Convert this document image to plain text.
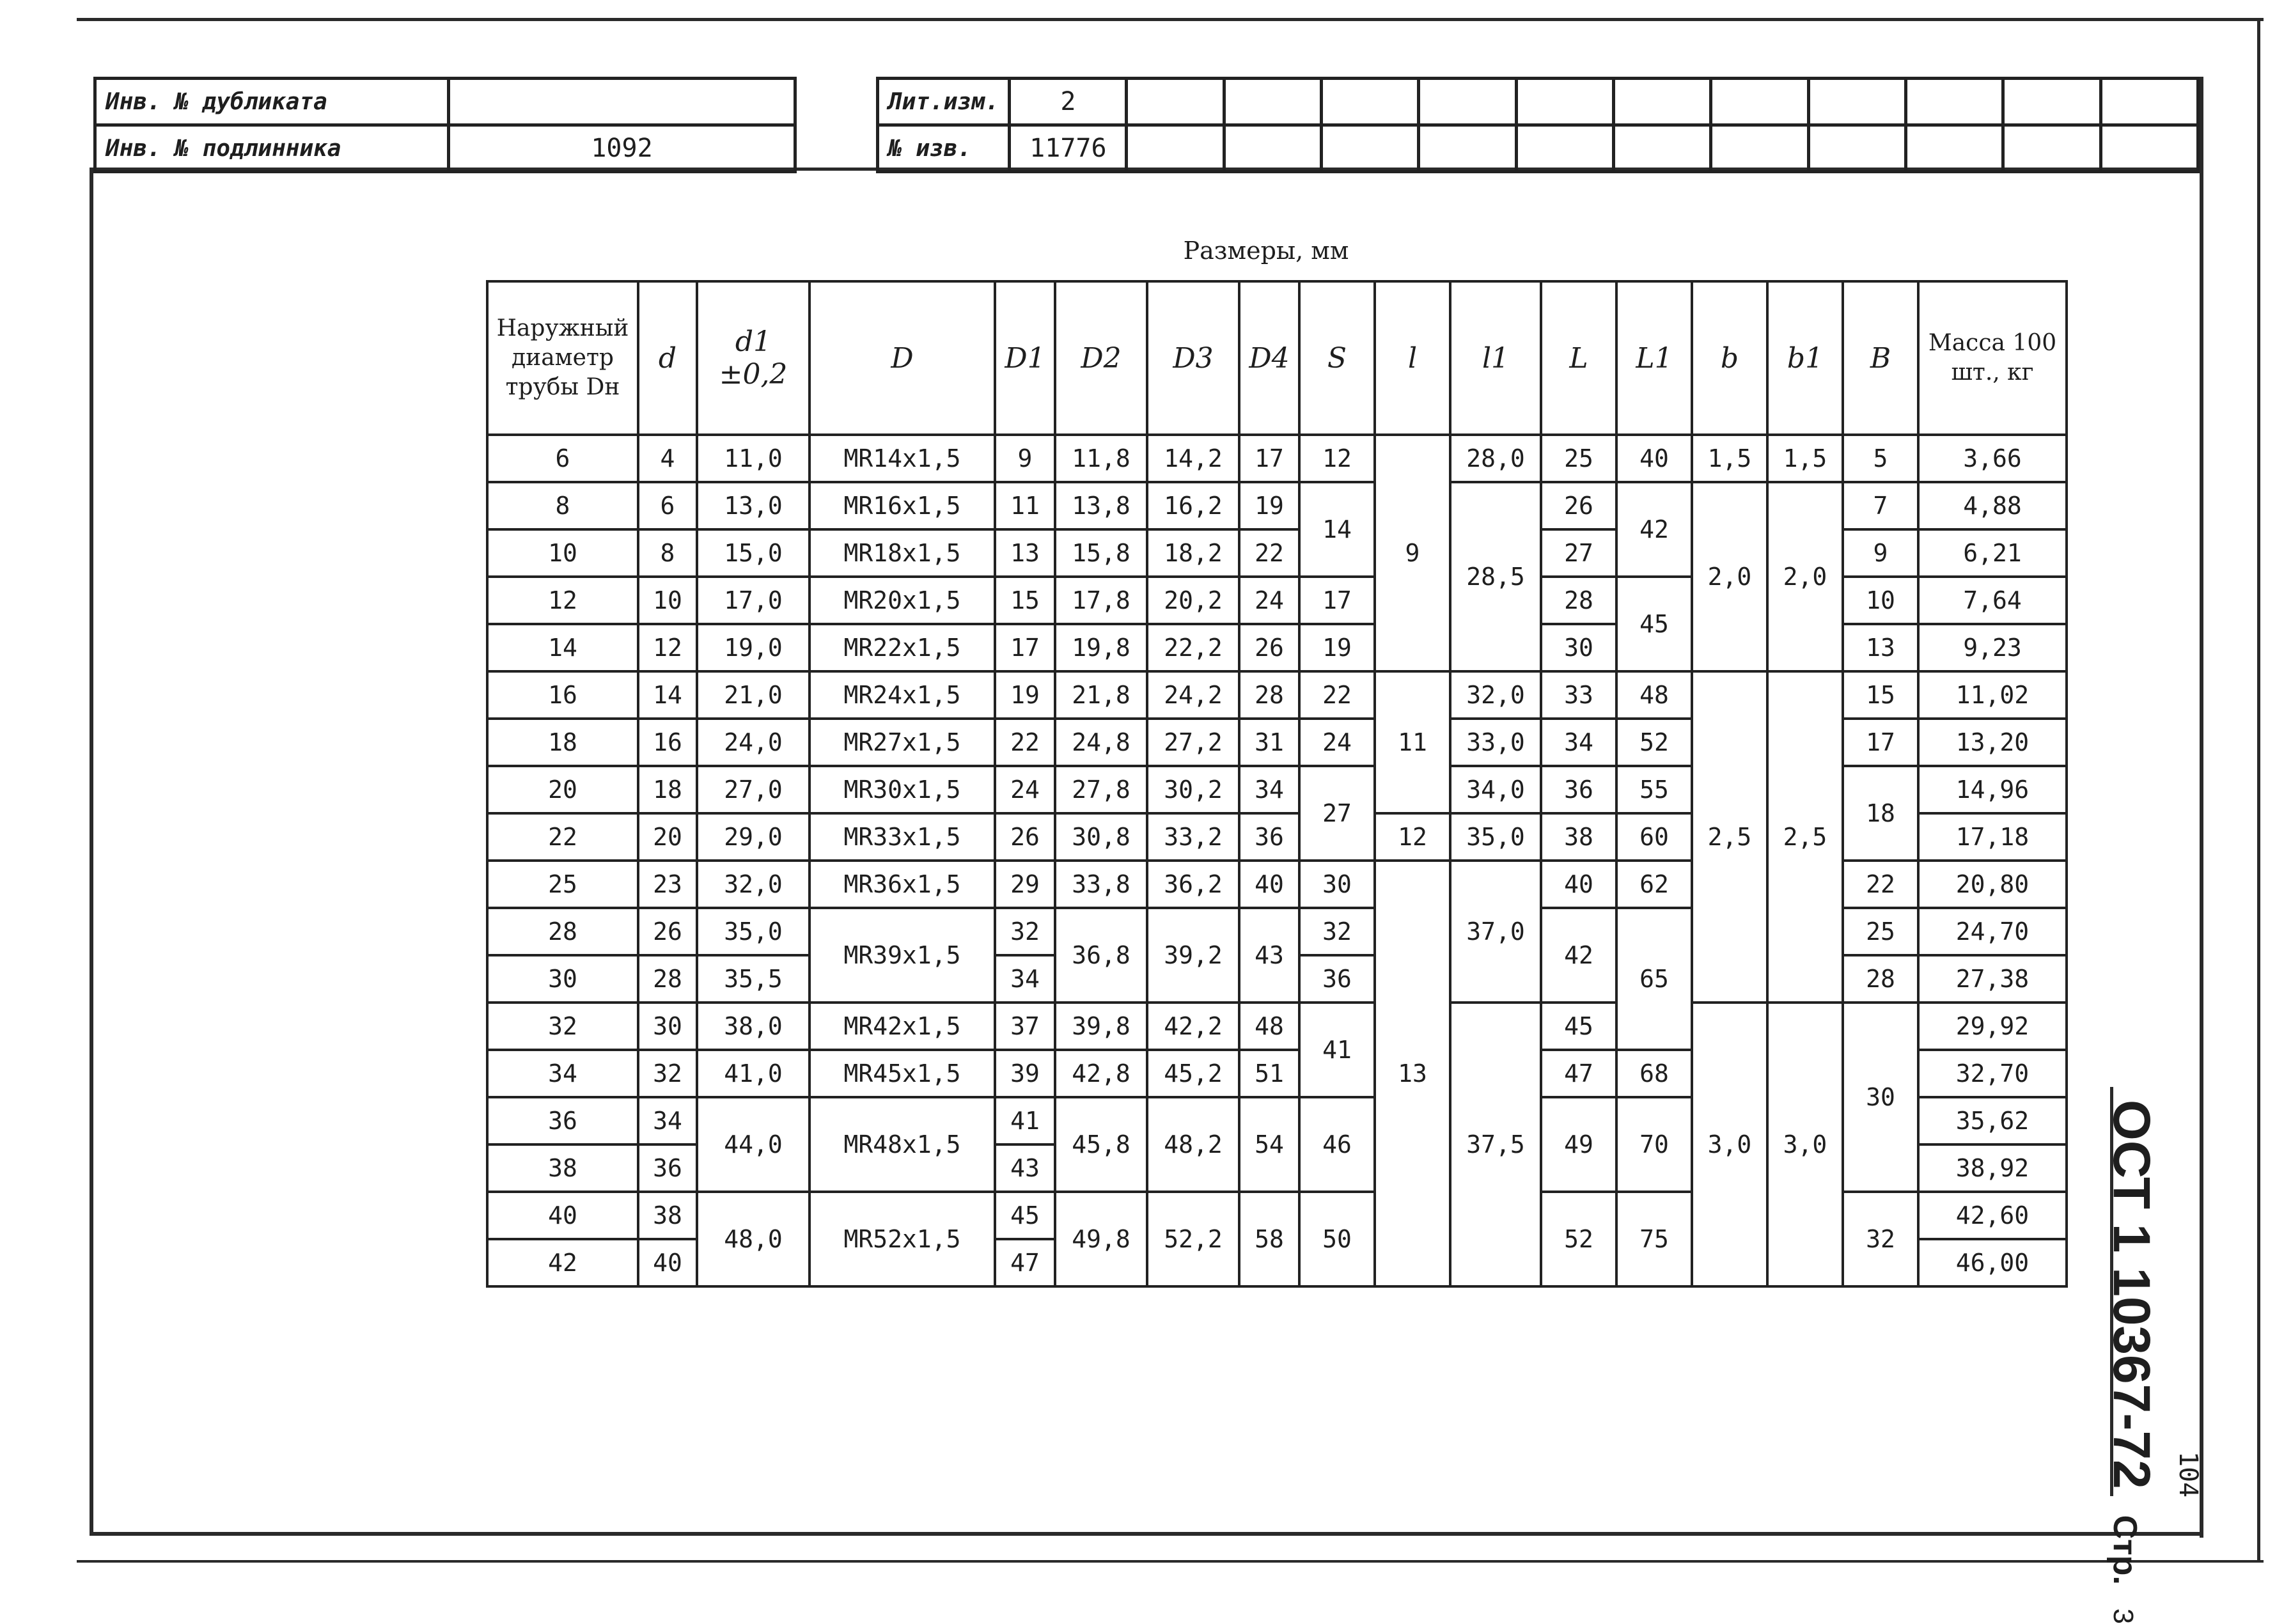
Инв. № дубликата	
Инв. № подлинника	1092
Лит.изм.	2											
№ изв.	11776											
Размеры, мм
Наружный диаметр трубы Dн	d	d1 ±0,2	D	D1	D2	D3	D4	S	l	l1	L	L1	b	b1	B	Масса 100 шт., кг
6	4	11,0	MR14x1,5	9	11,8	14,2	17	12	9	28,0	25	40	1,5	1,5	5	3,66
8	6	13,0	MR16x1,5	11	13,8	16,2	19	14		28,5	26	42	2,0	2,0	7	4,88
10	8	15,0	MR18x1,5	13	15,8	18,2	22				27				9	6,21
12	10	17,0	MR20x1,5	15	17,8	20,2	24	17			28	45			10	7,64
14	12	19,0	MR22x1,5	17	19,8	22,2	26	19			30				13	9,23
16	14	21,0	MR24x1,5	19	21,8	24,2	28	22	11	32,0	33	48	2,5	2,5	15	11,02
18	16	24,0	MR27x1,5	22	24,8	27,2	31	24		33,0	34	52			17	13,20
20	18	27,0	MR30x1,5	24	27,8	30,2	34	27		34,0	36	55			18	14,96
22	20	29,0	MR33x1,5	26	30,8	33,2	36		12	35,0	38	60				17,18
25	23	32,0	MR36x1,5	29	33,8	36,2	40	30	13	37,0	40	62			22	20,80
28	26	35,0	MR39x1,5	32	36,8	39,2	43	32			42	65			25	24,70
30	28	35,5		34				36							28	27,38
32	30	38,0	MR42x1,5	37	39,8	42,2	48	41		37,5	45		3,0	3,0	30	29,92
34	32	41,0	MR45x1,5	39	42,8	45,2	51				47	68				32,70
36	34	44,0	MR48x1,5	41	45,8	48,2	54	46			49	70				35,62
38	36			43												38,92
40	38	48,0	MR52x1,5	45	49,8	52,2	58	50			52	75			32	42,60
42	40			47												46,00 ОСТ 1 10367-72 Стр. 3
104
